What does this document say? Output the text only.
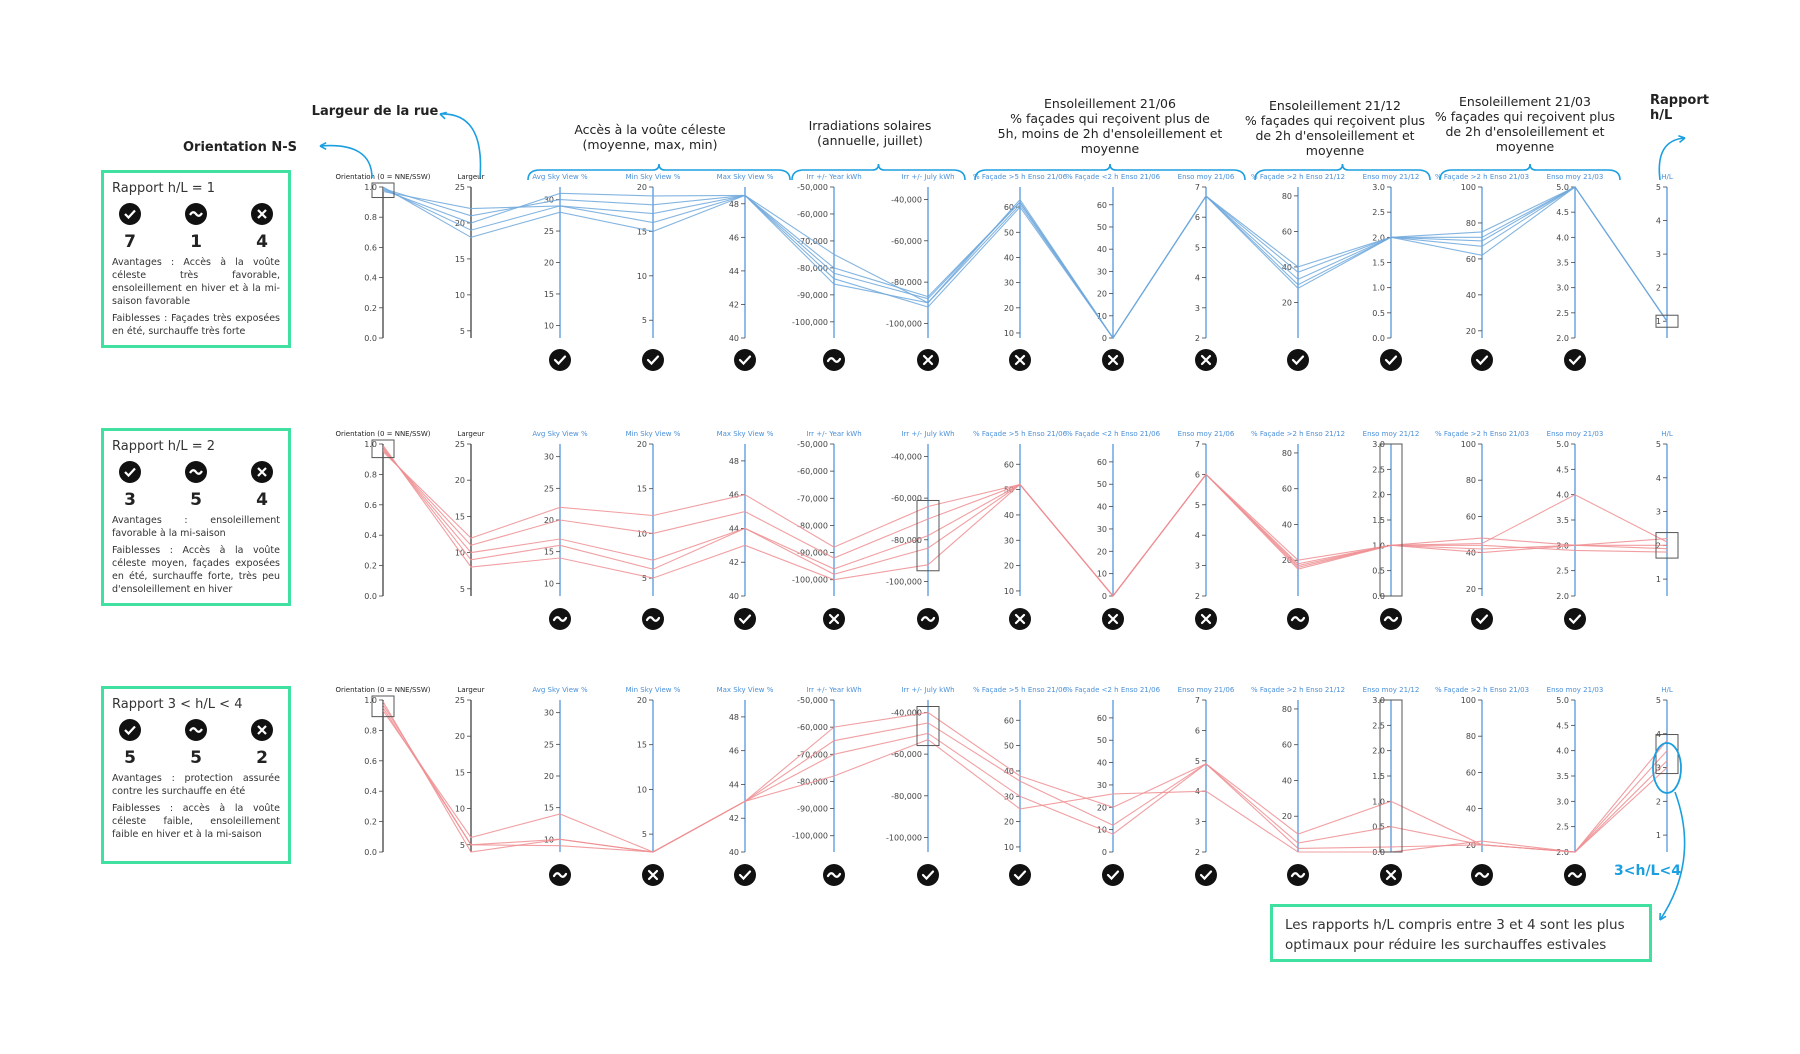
Orientation (0 = NNE/SSW)
0.0
0.2
0.4
0.6
0.8
1.0
Largeur
5
10
15
20
25
Avg Sky View %
10
15
20
25
30
Min Sky View %
5
10
15
20
Max Sky View %
40
42
44
46
48
Irr +/- Year kWh
-100,000
-90,000
-80,000
-70,000
-60,000
-50,000
Irr +/- July kWh
-100,000
-80,000
-60,000
-40,000
% Façade >5 h Enso 21/06
10
20
30
40
50
60
% Façade <2 h Enso 21/06
0
10
20
30
40
50
60
Enso moy 21/06
2
3
4
5
6
7
% Façade >2 h Enso 21/12
20
40
60
80
Enso moy 21/12
0.0
0.5
1.0
1.5
2.0
2.5
3.0
% Façade >2 h Enso 21/03
20
40
60
80
100
Enso moy 21/03
2.0
2.5
3.0
3.5
4.0
4.5
5.0
H/L
1
2
3
4
5
Orientation (0 = NNE/SSW)
0.0
0.2
0.4
0.6
0.8
1.0
Largeur
5
10
15
20
25
Avg Sky View %
10
15
20
25
30
Min Sky View %
5
10
15
20
Max Sky View %
40
42
44
46
48
Irr +/- Year kWh
-100,000
-90,000
-80,000
-70,000
-60,000
-50,000
Irr +/- July kWh
-100,000
-80,000
-60,000
-40,000
% Façade >5 h Enso 21/06
10
20
30
40
50
60
% Façade <2 h Enso 21/06
0
10
20
30
40
50
60
Enso moy 21/06
2
3
4
5
6
7
% Façade >2 h Enso 21/12
20
40
60
80
Enso moy 21/12
0.0
0.5
1.0
1.5
2.0
2.5
3.0
% Façade >2 h Enso 21/03
20
40
60
80
100
Enso moy 21/03
2.0
2.5
3.0
3.5
4.0
4.5
5.0
H/L
1
2
3
4
5
Orientation (0 = NNE/SSW)
0.0
0.2
0.4
0.6
0.8
1.0
Largeur
5
10
15
20
25
Avg Sky View %
10
15
20
25
30
Min Sky View %
5
10
15
20
Max Sky View %
40
42
44
46
48
Irr +/- Year kWh
-100,000
-90,000
-80,000
-70,000
-60,000
-50,000
Irr +/- July kWh
-100,000
-80,000
-60,000
-40,000
% Façade >5 h Enso 21/06
10
20
30
40
50
60
% Façade <2 h Enso 21/06
0
10
20
30
40
50
60
Enso moy 21/06
2
3
4
5
6
7
% Façade >2 h Enso 21/12
20
40
60
80
Enso moy 21/12
0.0
0.5
1.0
1.5
2.0
2.5
3.0
% Façade >2 h Enso 21/03
20
40
60
80
100
Enso moy 21/03
2.0
2.5
3.0
3.5
4.0
4.5
5.0
H/L
1
2
3
4
5
3<h/L<4
Orientation N-S
Largeur de la rue
Accès à la voûte céleste
(moyenne, max, min)
Irradiations solaires
(annuelle, juillet)
Ensoleillement 21/06
% façades qui reçoivent plus de
5h, moins de 2h d'ensoleillement et
moyenne
Ensoleillement 21/12
% façades qui reçoivent plus
de 2h d'ensoleillement et
moyenne
Ensoleillement 21/03
% façades qui reçoivent plus
de 2h d'ensoleillement et
moyenne
Rapport
h/L
Rapport h/L = 1
7	1	4

Avantages : Accès à la voûte céleste très favorable, ensoleillement en hiver et à la mi-saison favorable

Faiblesses : Façades très exposées en été, surchauffe très forte

Rapport h/L = 2
3	5	4

Avantages : ensoleillement favorable à la mi-saison

Faiblesses : Accès à la voûte céleste moyen, façades exposées en été, surchauffe forte, très peu d'ensoleillement en hiver

Rapport 3 < h/L < 4
5	5	2

Avantages : protection assurée contre les surchauffe en été

Faiblesses : accès à la voûte céleste faible, ensoleillement faible en hiver et à la mi-saison

Les rapports h/L compris entre 3 et 4 sont les plus optimaux pour réduire les surchauffes estivales
